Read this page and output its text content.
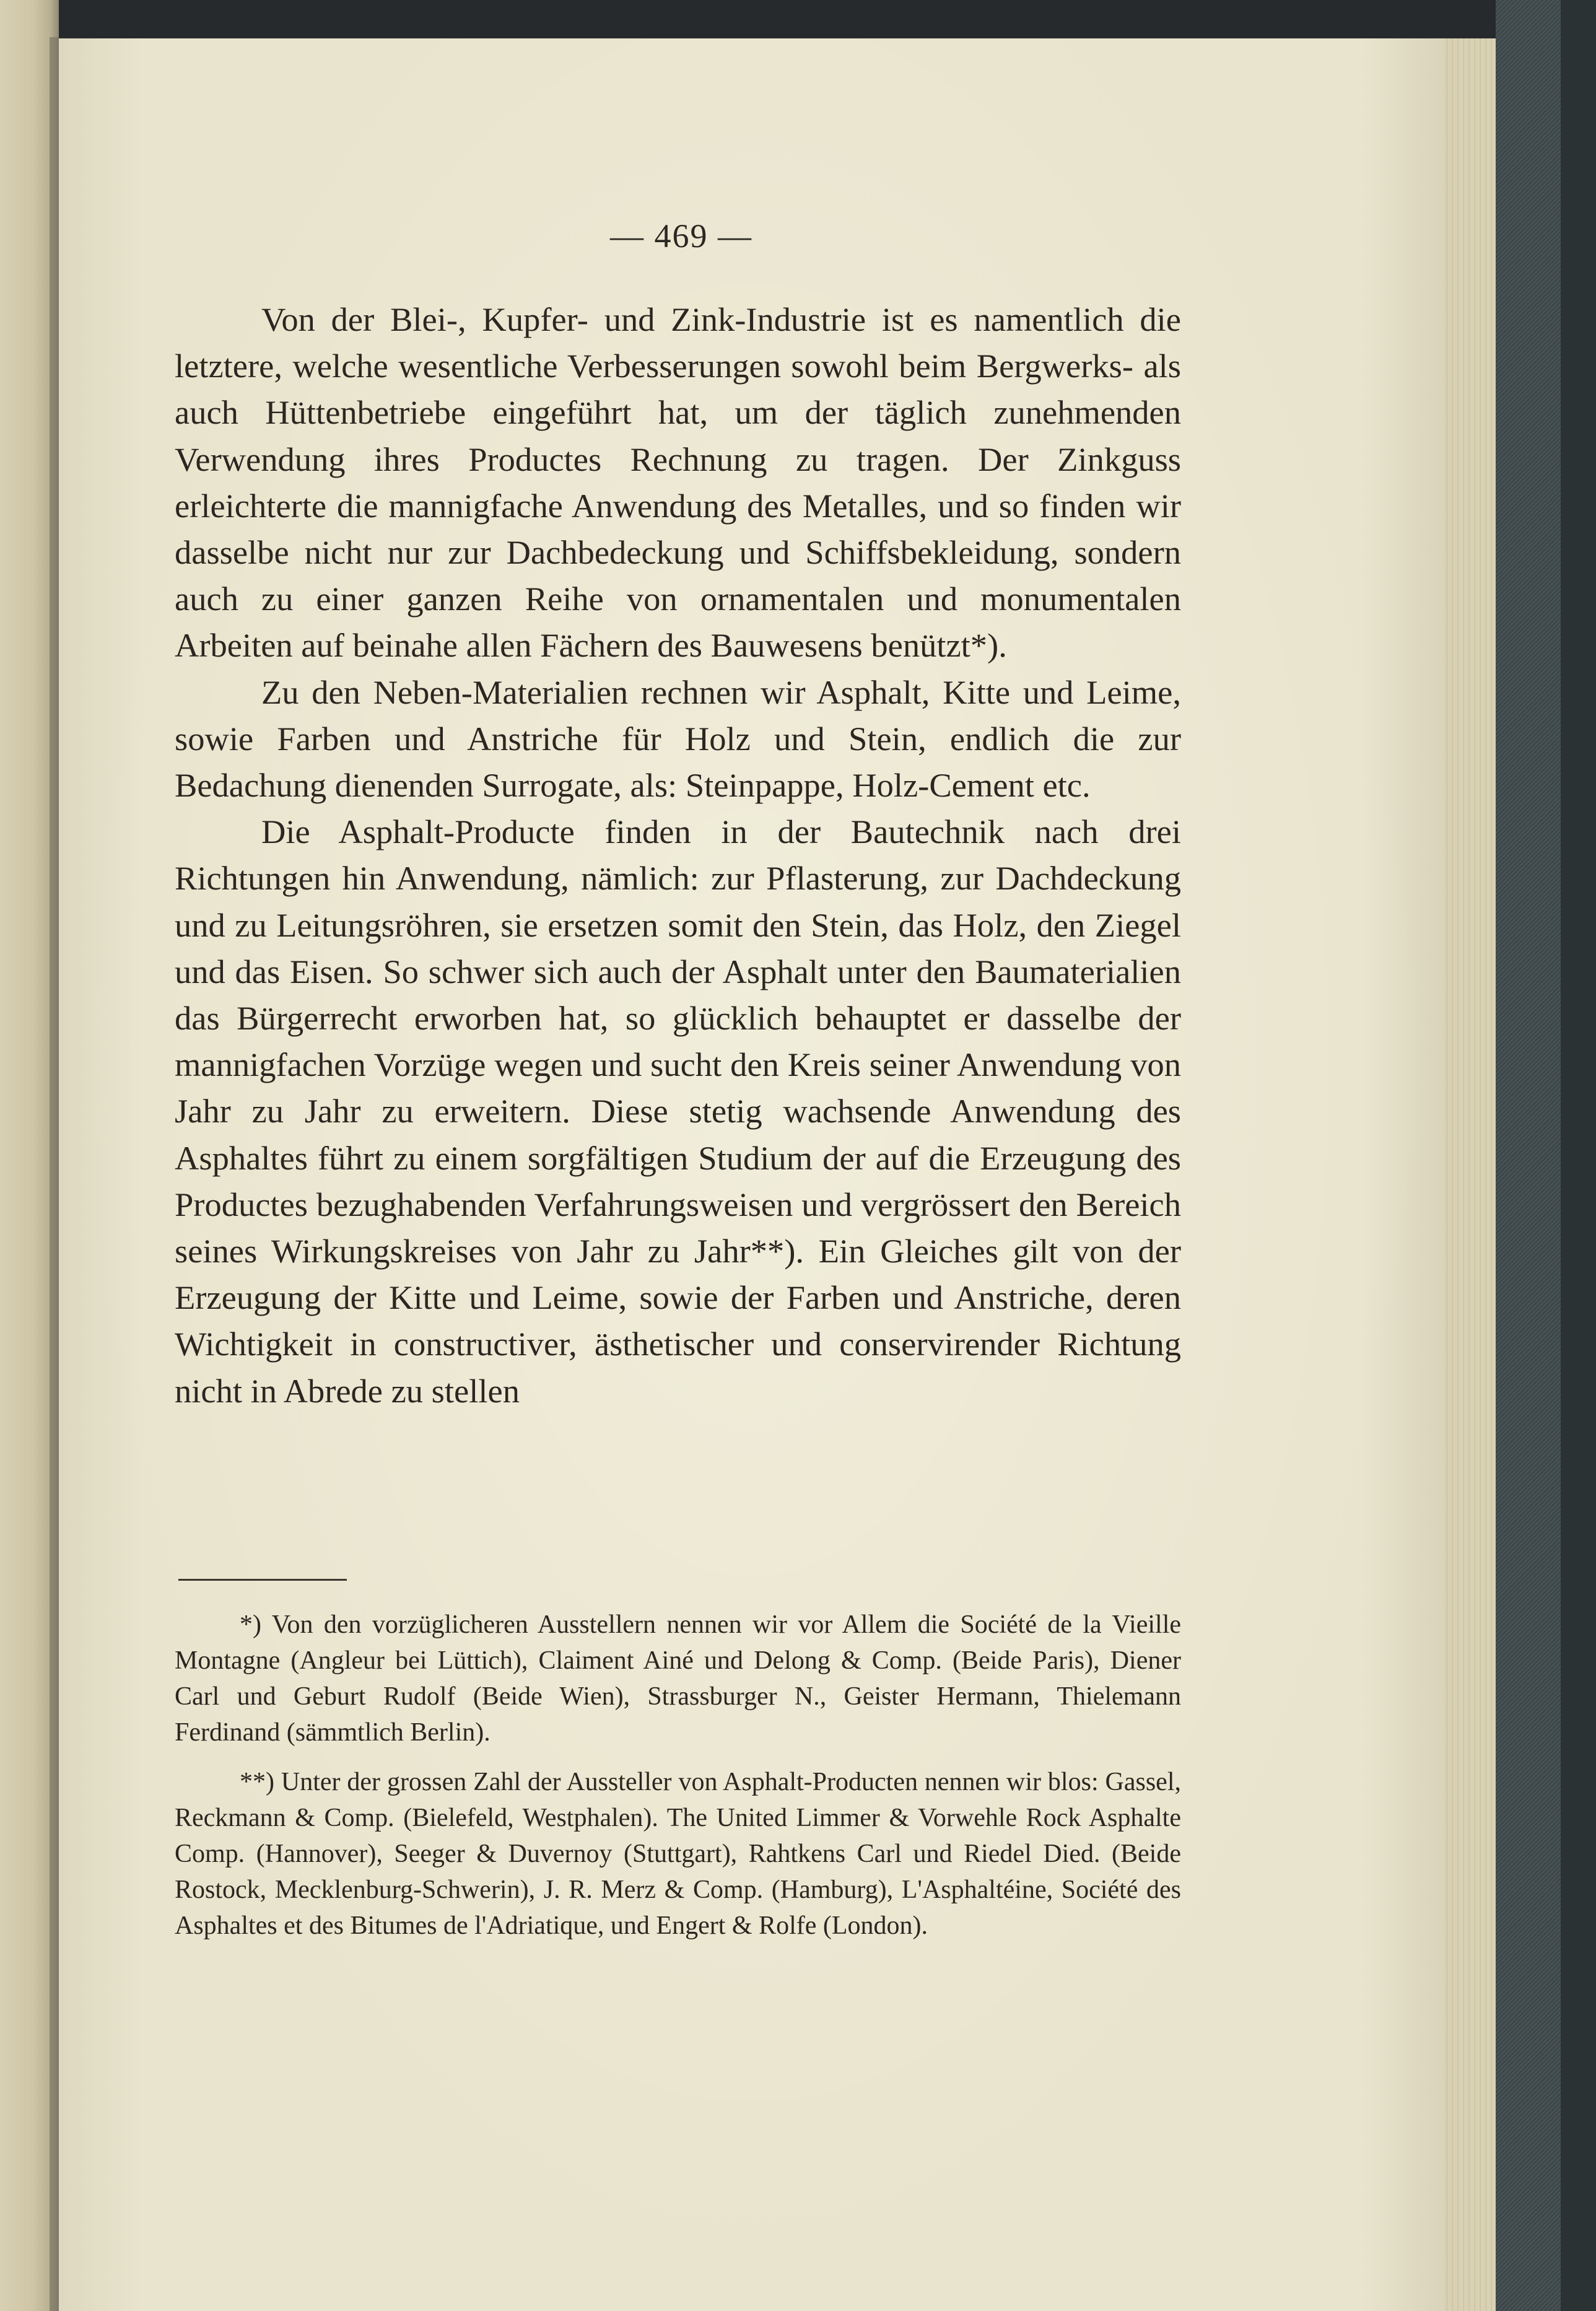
— 469 —

Von der Blei-, Kupfer- und Zink-Industrie ist es namentlich die letztere, welche wesentliche Verbesserungen sowohl beim Bergwerks- als auch Hüttenbetriebe eingeführt hat, um der täglich zunehmenden Verwendung ihres Productes Rechnung zu tragen. Der Zinkguss erleichterte die mannigfache Anwendung des Metalles, und so finden wir dasselbe nicht nur zur Dachbedeckung und Schiffsbekleidung, sondern auch zu einer ganzen Reihe von ornamentalen und monumentalen Arbeiten auf beinahe allen Fächern des Bauwesens benützt*).

Zu den Neben-Materialien rechnen wir Asphalt, Kitte und Leime, sowie Farben und Anstriche für Holz und Stein, endlich die zur Bedachung dienenden Surrogate, als: Steinpappe, Holz-Cement etc.

Die Asphalt-Producte finden in der Bautechnik nach drei Richtungen hin Anwendung, nämlich: zur Pflasterung, zur Dachdeckung und zu Leitungsröhren, sie ersetzen somit den Stein, das Holz, den Ziegel und das Eisen. So schwer sich auch der Asphalt unter den Baumaterialien das Bürgerrecht erworben hat, so glücklich behauptet er dasselbe der mannigfachen Vorzüge wegen und sucht den Kreis seiner Anwendung von Jahr zu Jahr zu erweitern. Diese stetig wachsende Anwendung des Asphaltes führt zu einem sorgfältigen Studium der auf die Erzeugung des Productes bezughabenden Verfahrungsweisen und vergrössert den Bereich seines Wirkungskreises von Jahr zu Jahr**). Ein Gleiches gilt von der Erzeugung der Kitte und Leime, sowie der Farben und Anstriche, deren Wichtigkeit in constructiver, ästhetischer und conservirender Richtung nicht in Abrede zu stellen

*) Von den vorzüglicheren Ausstellern nennen wir vor Allem die Société de la Vieille Montagne (Angleur bei Lüttich), Claiment Ainé und Delong & Comp. (Beide Paris), Diener Carl und Geburt Rudolf (Beide Wien), Strassburger N., Geister Hermann, Thielemann Ferdinand (sämmtlich Berlin).

**) Unter der grossen Zahl der Aussteller von Asphalt-Producten nennen wir blos: Gassel, Reckmann & Comp. (Bielefeld, Westphalen). The United Limmer & Vorwehle Rock Asphalte Comp. (Hannover), Seeger & Duvernoy (Stuttgart), Rahtkens Carl und Riedel Died. (Beide Rostock, Mecklenburg-Schwerin), J. R. Merz & Comp. (Hamburg), L'Asphaltéine, Société des Asphaltes et des Bitumes de l'Adriatique, und Engert & Rolfe (London).
